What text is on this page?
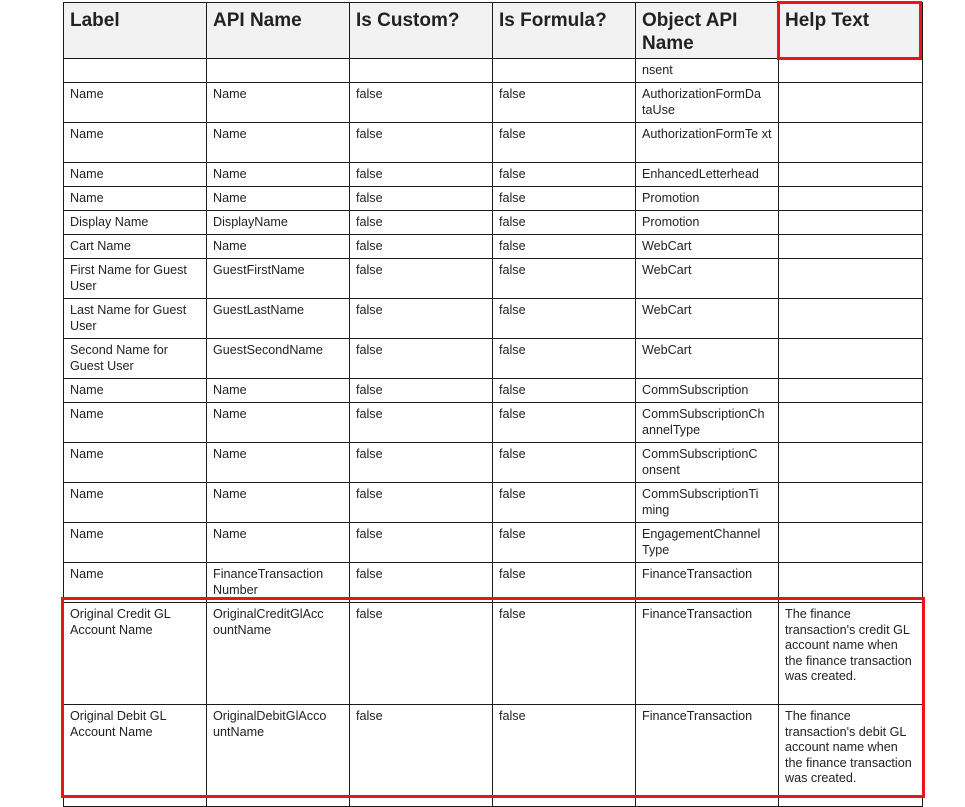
Label	API Name	Is Custom?	Is Formula?	Object API Name	Help Text
				nsent	
Name	Name	false	false	AuthorizationFormDa taUse	
Name	Name	false	false	AuthorizationFormTe xt	
Name	Name	false	false	EnhancedLetterhead	
Name	Name	false	false	Promotion	
Display Name	DisplayName	false	false	Promotion	
Cart Name	Name	false	false	WebCart	
First Name for Guest User	GuestFirstName	false	false	WebCart	
Last Name for Guest User	GuestLastName	false	false	WebCart	
Second Name for Guest User	GuestSecondName	false	false	WebCart	
Name	Name	false	false	CommSubscription	
Name	Name	false	false	CommSubscriptionCh annelType	
Name	Name	false	false	CommSubscriptionC onsent	
Name	Name	false	false	CommSubscriptionTi ming	
Name	Name	false	false	EngagementChannel Type	
Name	FinanceTransaction Number	false	false	FinanceTransaction	
Original Credit GL Account Name	OriginalCreditGlAcc ountName	false	false	FinanceTransaction	The finance transaction's credit GL account name when the finance transaction was created.
Original Debit GL Account Name	OriginalDebitGlAcco untName	false	false	FinanceTransaction	The finance transaction's debit GL account name when the finance transaction was created.
